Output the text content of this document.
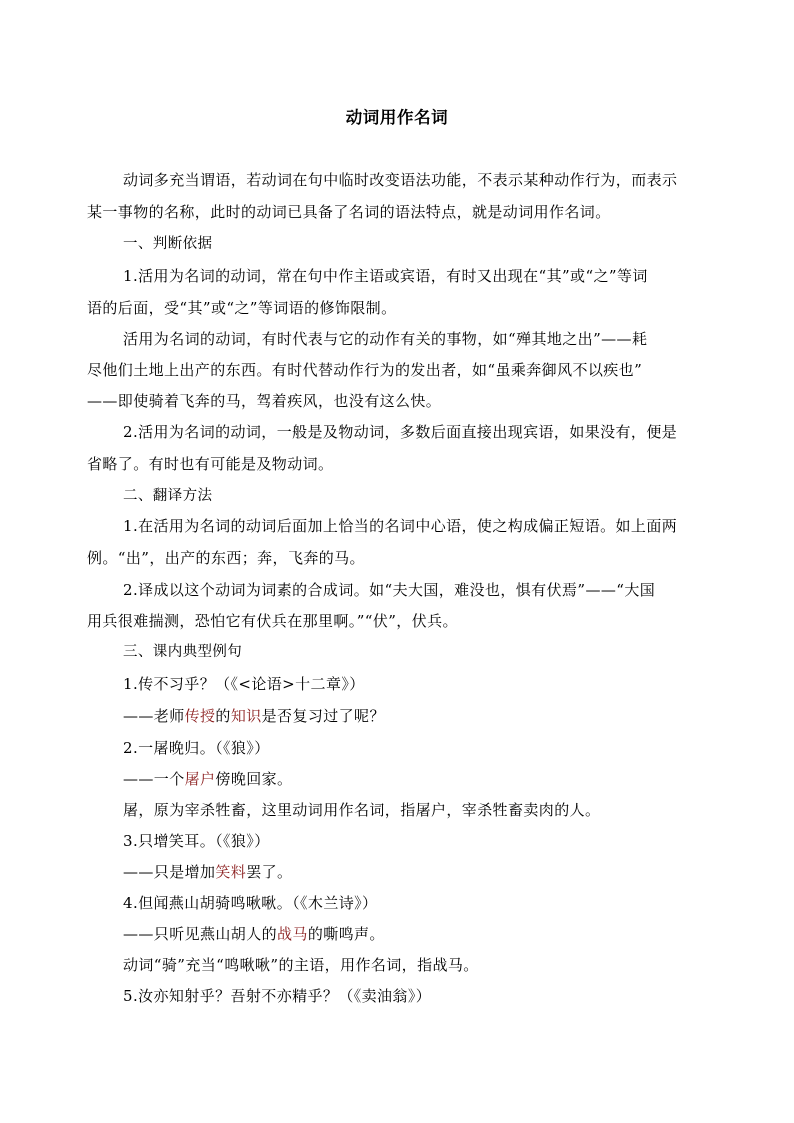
动词用作名词
动词多充当谓语，若动词在句中临时改变语法功能，不表示某种动作行为，而表示
某一事物的名称，此时的动词已具备了名词的语法特点，就是动词用作名词。
一、判断依据
1.活用为名词的动词，常在句中作主语或宾语，有时又出现在“其”或“之”等词
语的后面，受“其”或“之”等词语的修饰限制。
活用为名词的动词，有时代表与它的动作有关的事物，如“殚其地之出”——耗
尽他们土地上出产的东西。有时代替动作行为的发出者，如“虽乘奔御风不以疾也”
——即使骑着飞奔的马，驾着疾风，也没有这么快。
2.活用为名词的动词，一般是及物动词，多数后面直接出现宾语，如果没有，便是
省略了。有时也有可能是及物动词。
二、翻译方法
1.在活用为名词的动词后面加上恰当的名词中心语，使之构成偏正短语。如上面两
例。“出”，出产的东西；奔，飞奔的马。
2.译成以这个动词为词素的合成词。如“夫大国，难没也，惧有伏焉”——“大国
用兵很难揣测，恐怕它有伏兵在那里啊。”“伏”，伏兵。
三、课内典型例句
1.传不习乎？（《<论语>十二章》）
——老师传授的知识是否复习过了呢？
2.一屠晚归。（《狼》）
——一个屠户傍晚回家。
屠，原为宰杀牲畜，这里动词用作名词，指屠户，宰杀牲畜卖肉的人。
3.只增笑耳。（《狼》）
——只是增加笑料罢了。
4.但闻燕山胡骑鸣啾啾。（《木兰诗》）
——只听见燕山胡人的战马的嘶鸣声。
动词“骑”充当“鸣啾啾”的主语，用作名词，指战马。
5.汝亦知射乎？吾射不亦精乎？（《卖油翁》）
